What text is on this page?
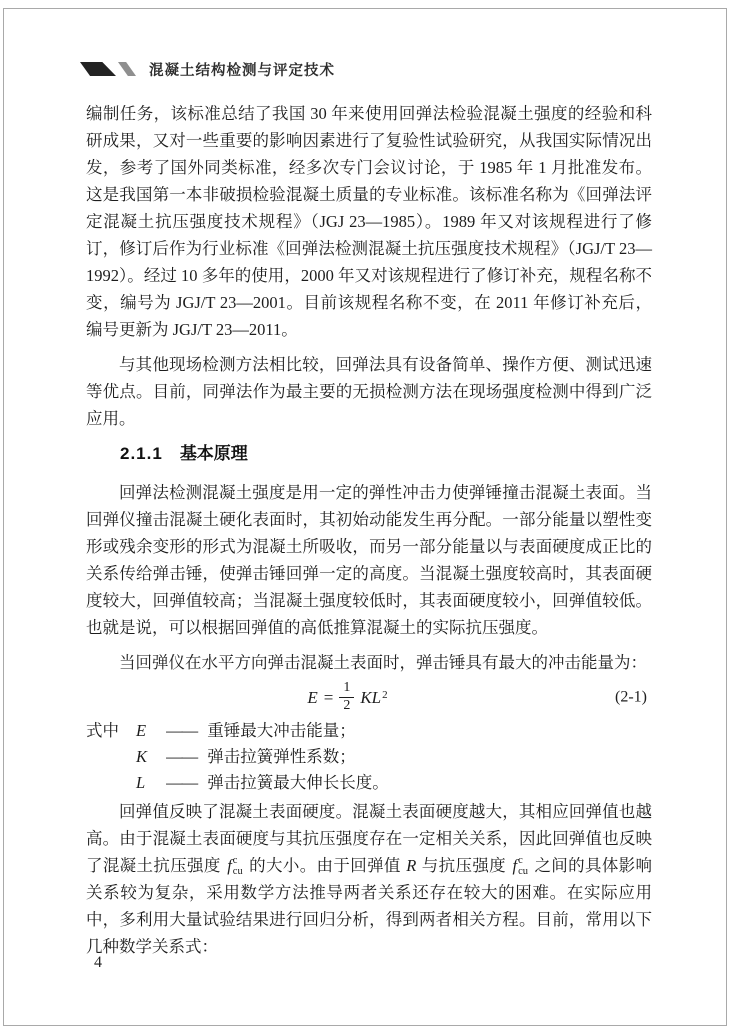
混凝土结构检测与评定技术

编制任务，该标准总结了我国 30 年来使用回弹法检验混凝土强度的经验和科研成果，又对一些重要的影响因素进行了复验性试验研究，从我国实际情况出发，参考了国外同类标准，经多次专门会议讨论，于 1985 年 1 月批准发布。这是我国第一本非破损检验混凝土质量的专业标准。该标准名称为《回弹法评定混凝土抗压强度技术规程》（JGJ 23—1985）。1989 年又对该规程进行了修订，修订后作为行业标准《回弹法检测混凝土抗压强度技术规程》（JGJ/T 23—1992）。经过 10 多年的使用，2000 年又对该规程进行了修订补充，规程名称不变，编号为 JGJ/T 23—2001。目前该规程名称不变，在 2011 年修订补充后，编号更新为 JGJ/T 23—2011。

与其他现场检测方法相比较，回弹法具有设备简单、操作方便、测试迅速等优点。目前，同弹法作为最主要的无损检测方法在现场强度检测中得到广泛应用。

2.1.1 基本原理

回弹法检测混凝土强度是用一定的弹性冲击力使弹锤撞击混凝土表面。当回弹仪撞击混凝土硬化表面时，其初始动能发生再分配。一部分能量以塑性变形或残余变形的形式为混凝土所吸收，而另一部分能量以与表面硬度成正比的关系传给弹击锤，使弹击锤回弹一定的高度。当混凝土强度较高时，其表面硬度较大，回弹值较高；当混凝土强度较低时，其表面硬度较小，回弹值较低。也就是说，可以根据回弹值的高低推算混凝土的实际抗压强度。

当回弹仪在水平方向弹击混凝土表面时，弹击锤具有最大的冲击能量为：

$E = \frac{1}{2} KL^2$	(2-1)
式中 E —— 重锤最大冲击能量；
K —— 弹击拉簧弹性系数；
L —— 弹击拉簧最大伸长长度。

回弹值反映了混凝土表面硬度。混凝土表面硬度越大，其相应回弹值也越高。由于混凝土表面硬度与其抗压强度存在一定相关关系，因此回弹值也反映了混凝土抗压强度 f c
cu 的大小。由于回弹值 R 与抗压强度 f c
cu 之间的具体影响关系较为复杂，采用数学方法推导两者关系还存在较大的困难。在实际应用中，多利用大量试验结果进行回归分析，得到两者相关方程。目前，常用以下几种数学关系式：

4
